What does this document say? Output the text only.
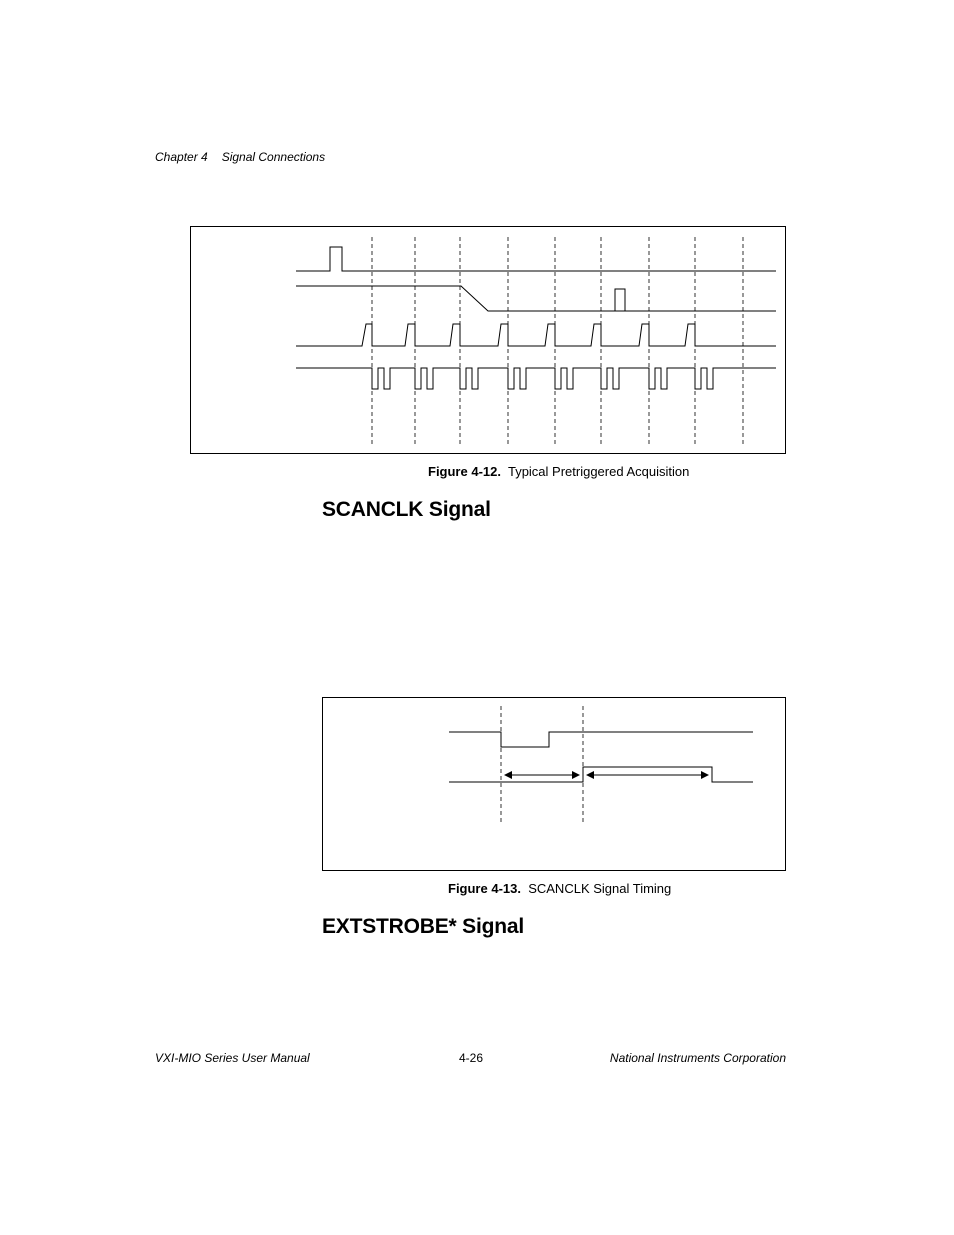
Chapter 4 Signal Connections
Figure 4-12. Typical Pretriggered Acquisition
SCANCLK Signal
Figure 4-13. SCANCLK Signal Timing
EXTSTROBE* Signal
VXI-MIO Series User Manual	4-26	National Instruments Corporation
